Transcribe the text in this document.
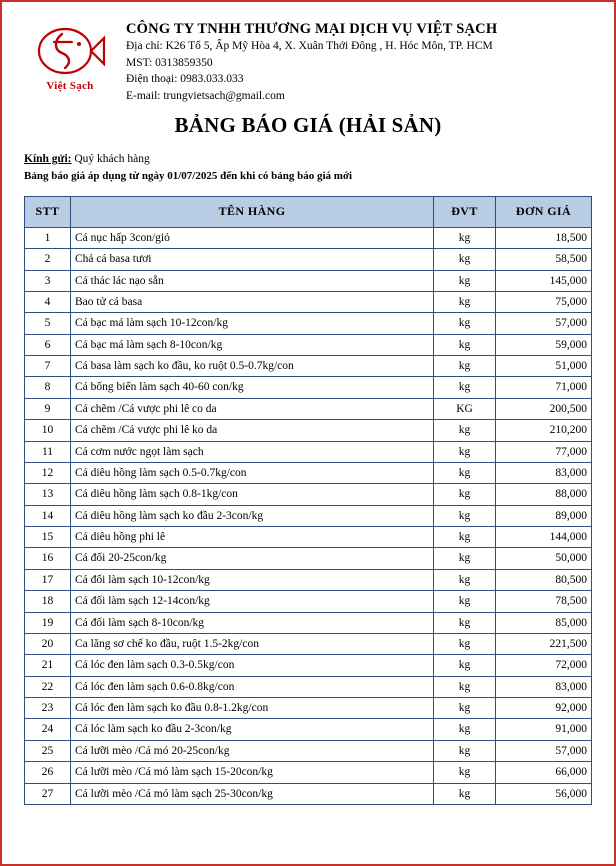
Việt Sạch
CÔNG TY TNHH THƯƠNG MẠI DỊCH VỤ VIỆT SẠCH
Địa chỉ: K26 Tổ 5, Ấp Mỹ Hòa 4, X. Xuân Thới Đông , H. Hóc Môn, TP. HCM
MST: 0313859350
Điện thoại: 0983.033.033
E-mail: trungvietsach@gmail.com
BẢNG BÁO GIÁ (HẢI SẢN)
Kính gửi: Quý khách hàng
Bảng báo giá áp dụng từ ngày 01/07/2025 đến khi có bảng báo giá mới
STT	TÊN HÀNG	ĐVT	ĐƠN GIÁ
1	Cá nục hấp 3con/giỏ	kg	18,500
2	Chả cá basa tươi	kg	58,500
3	Cá thác lác nạo sẵn	kg	145,000
4	Bao tử cá basa	kg	75,000
5	Cá bạc má làm sạch 10-12con/kg	kg	57,000
6	Cá bạc má làm sạch 8-10con/kg	kg	59,000
7	Cá basa làm sạch ko đầu, ko ruột 0.5-0.7kg/con	kg	51,000
8	Cá bống biển làm sạch 40-60 con/kg	kg	71,000
9	Cá chẽm /Cá vược phi lê co da	KG	200,500
10	Cá chẽm /Cá vược phi lê ko da	kg	210,200
11	Cá cơm nước ngọt làm sạch	kg	77,000
12	Cá diêu hồng làm sạch 0.5-0.7kg/con	kg	83,000
13	Cá diêu hồng làm sạch 0.8-1kg/con	kg	88,000
14	Cá diêu hồng làm sạch ko đầu 2-3con/kg	kg	89,000
15	Cá diêu hồng phi lê	kg	144,000
16	Cá đối 20-25con/kg	kg	50,000
17	Cá đối làm sạch 10-12con/kg	kg	80,500
18	Cá đối làm sạch 12-14con/kg	kg	78,500
19	Cá đối làm sạch 8-10con/kg	kg	85,000
20	Ca lăng sơ chế ko đầu, ruột 1.5-2kg/con	kg	221,500
21	Cá lóc đen làm sạch 0.3-0.5kg/con	kg	72,000
22	Cá lóc đen làm sạch 0.6-0.8kg/con	kg	83,000
23	Cá lóc đen làm sạch ko đầu 0.8-1.2kg/con	kg	92,000
24	Cá lóc làm sạch ko đầu 2-3con/kg	kg	91,000
25	Cá lưỡi mèo /Cá mó 20-25con/kg	kg	57,000
26	Cá lưỡi mèo /Cá mó làm sạch 15-20con/kg	kg	66,000
27	Cá lưỡi mèo /Cá mó làm sạch 25-30con/kg	kg	56,000
